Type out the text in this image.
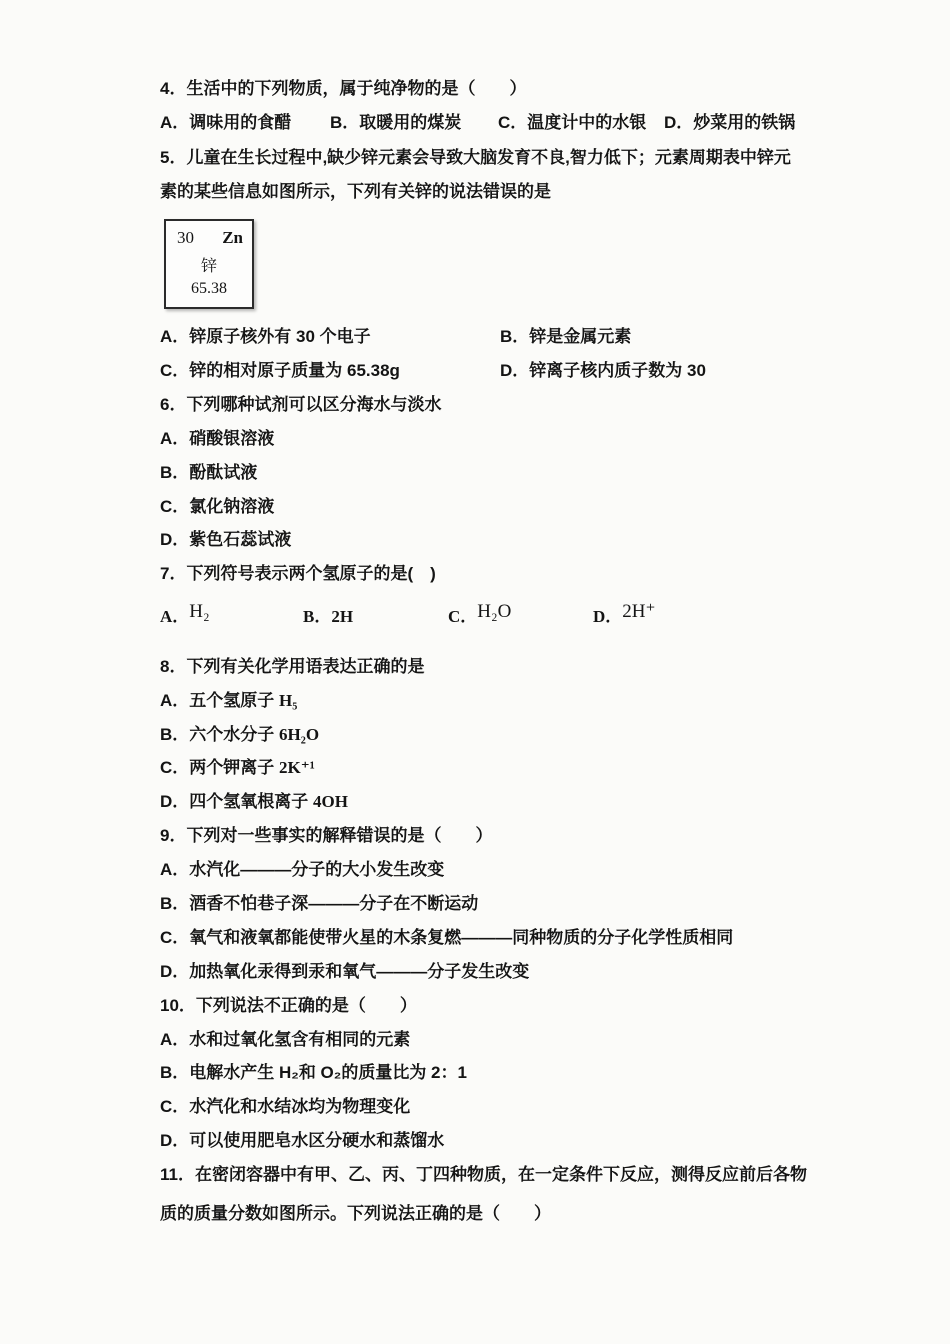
4．生活中的下列物质，属于纯净物的是（　　）
A．调味用的食醋 B．取暖用的煤炭 C．温度计中的水银 D．炒菜用的铁锅
5．儿童在生长过程中,缺少锌元素会导致大脑发育不良,智力低下；元素周期表中锌元
素的某些信息如图所示，下列有关锌的说法错误的是
30 Zn
锌
65.38
A．锌原子核外有 30 个电子	B．锌是金属元素
C．锌的相对原子质量为 65.38g	D．锌离子核内质子数为 30
6．下列哪种试剂可以区分海水与淡水
A．硝酸银溶液
B．酚酞试液
C．氯化钠溶液
D．紫色石蕊试液
7．下列符号表示两个氢原子的是(　)
A．H₂	B．2H	C．H₂O	D．2H⁺
8．下列有关化学用语表达正确的是
A．五个氢原子 H₅
B．六个水分子 6H₂O
C．两个钾离子 2K⁺¹
D．四个氢氧根离子 4OH
9．下列对一些事实的解释错误的是（　　）
A．水汽化———分子的大小发生改变
B．酒香不怕巷子深———分子在不断运动
C．氧气和液氧都能使带火星的木条复燃———同种物质的分子化学性质相同
D．加热氧化汞得到汞和氧气———分子发生改变
10．下列说法不正确的是（　　）
A．水和过氧化氢含有相同的元素
B．电解水产生 H₂和 O₂的质量比为 2：1
C．水汽化和水结冰均为物理变化
D．可以使用肥皂水区分硬水和蒸馏水
11．在密闭容器中有甲、乙、丙、丁四种物质，在一定条件下反应，测得反应前后各物
质的质量分数如图所示。下列说法正确的是（　　）
